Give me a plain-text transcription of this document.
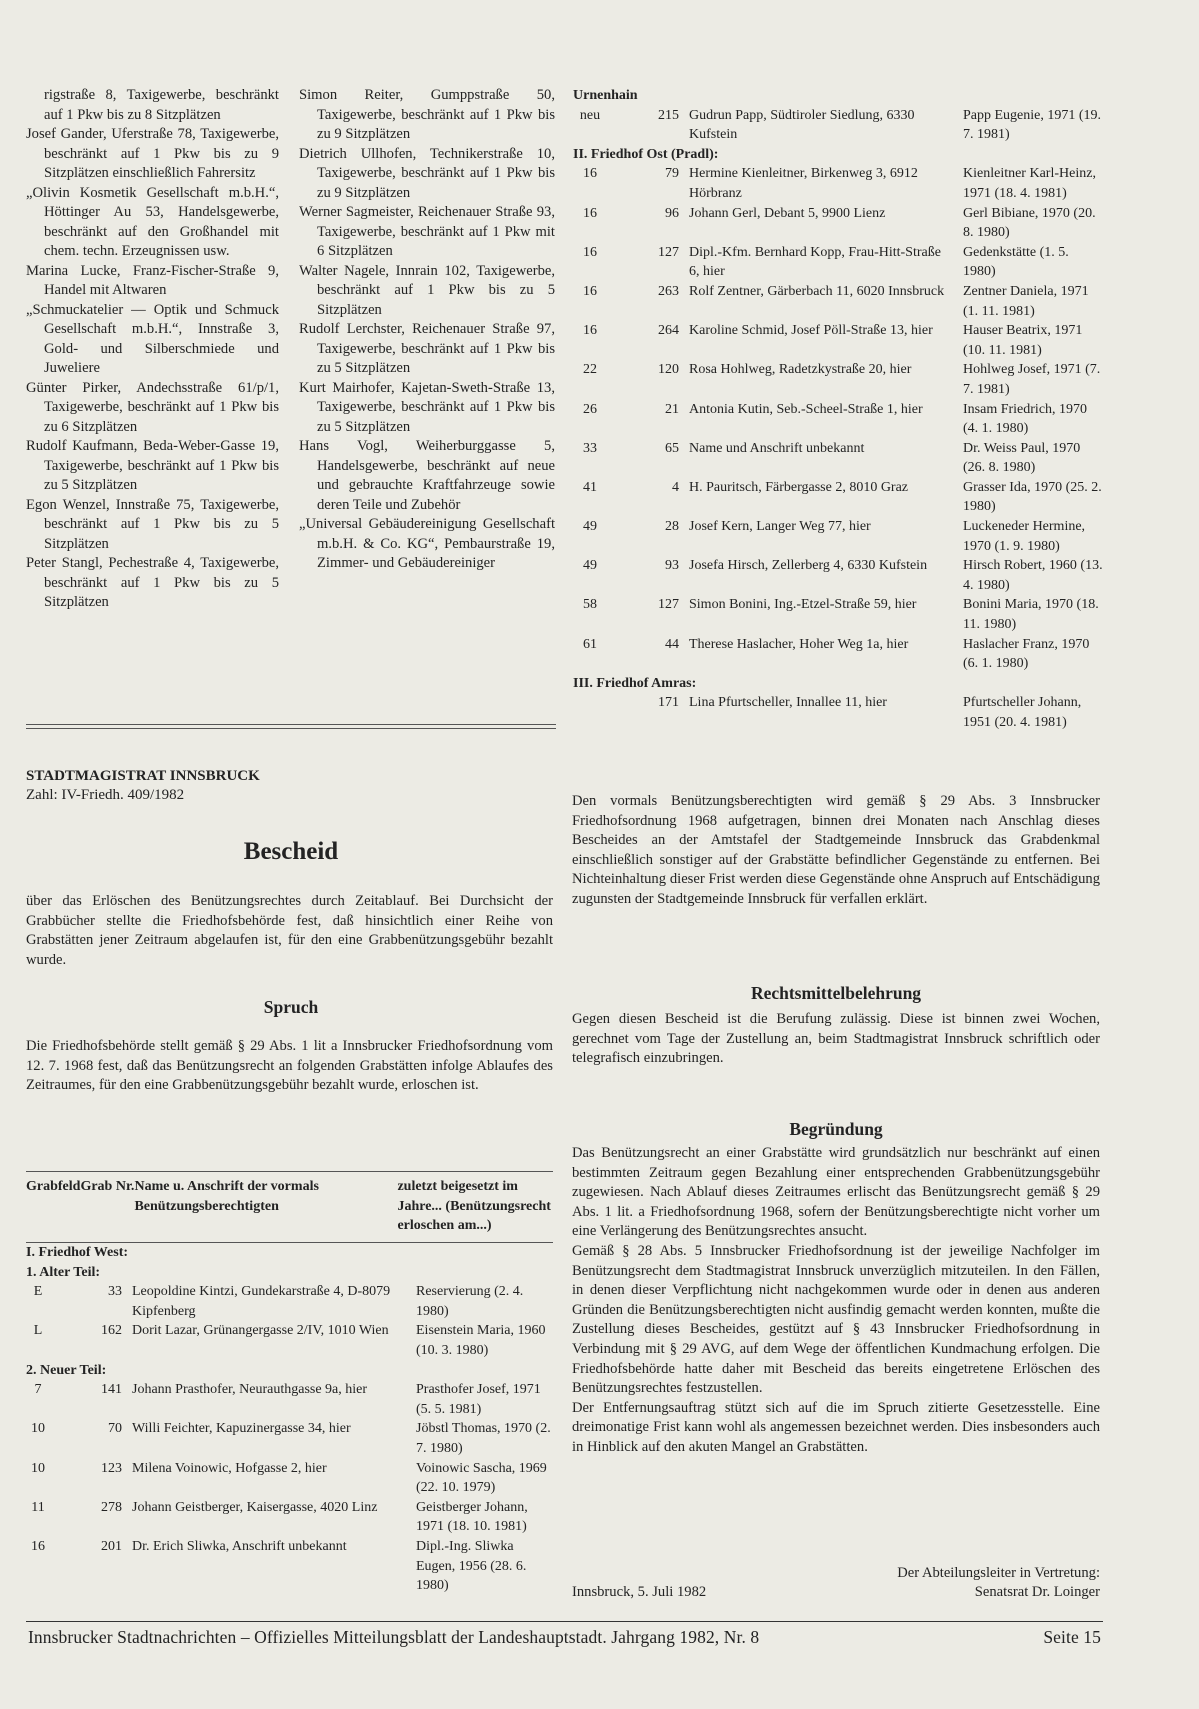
rigstraße 8, Taxigewerbe, beschränkt auf 1 Pkw bis zu 8 Sitzplätzen

Josef Gander, Uferstraße 78, Taxigewerbe, beschränkt auf 1 Pkw bis zu 9 Sitzplätzen einschließlich Fahrersitz

„Olivin Kosmetik Gesellschaft m.b.H.“, Höttinger Au 53, Handelsgewerbe, beschränkt auf den Großhandel mit chem. techn. Erzeugnissen usw.

Marina Lucke, Franz-Fischer-Straße 9, Handel mit Altwaren

„Schmuckatelier — Optik und Schmuck Gesellschaft m.b.H.“, Innstraße 3, Gold- und Silberschmiede und Juweliere

Günter Pirker, Andechsstraße 61/p/1, Taxigewerbe, beschränkt auf 1 Pkw bis zu 6 Sitzplätzen

Rudolf Kaufmann, Beda-Weber-Gasse 19, Taxigewerbe, beschränkt auf 1 Pkw bis zu 5 Sitzplätzen

Egon Wenzel, Innstraße 75, Taxigewerbe, beschränkt auf 1 Pkw bis zu 5 Sitzplätzen

Peter Stangl, Pechestraße 4, Taxigewerbe, beschränkt auf 1 Pkw bis zu 5 Sitzplätzen

Simon Reiter, Gumppstraße 50, Taxigewerbe, beschränkt auf 1 Pkw bis zu 9 Sitzplätzen

Dietrich Ullhofen, Technikerstraße 10, Taxigewerbe, beschränkt auf 1 Pkw bis zu 9 Sitzplätzen

Werner Sagmeister, Reichenauer Straße 93, Taxigewerbe, beschränkt auf 1 Pkw mit 6 Sitzplätzen

Walter Nagele, Innrain 102, Taxigewerbe, beschränkt auf 1 Pkw bis zu 5 Sitzplätzen

Rudolf Lerchster, Reichenauer Straße 97, Taxigewerbe, beschränkt auf 1 Pkw bis zu 5 Sitzplätzen

Kurt Mairhofer, Kajetan-Sweth-Straße 13, Taxigewerbe, beschränkt auf 1 Pkw bis zu 5 Sitzplätzen

Hans Vogl, Weiherburggasse 5, Handelsgewerbe, beschränkt auf neue und gebrauchte Kraftfahrzeuge sowie deren Teile und Zubehör

„Universal Gebäudereinigung Gesellschaft m.b.H. & Co. KG“, Pembaurstraße 19, Zimmer- und Gebäudereiniger

Urnenhain

neu	215	Gudrun Papp, Südtiroler Siedlung, 6330 Kufstein	Papp Eugenie, 1971 (19. 7. 1981)

II. Friedhof Ost (Pradl):

16	79	Hermine Kienleitner, Birkenweg 3, 6912 Hörbranz	Kienleitner Karl-Heinz, 1971 (18. 4. 1981)
16	96	Johann Gerl, Debant 5, 9900 Lienz	Gerl Bibiane, 1970 (20. 8. 1980)
16	127	Dipl.-Kfm. Bernhard Kopp, Frau-Hitt-Straße 6, hier	Gedenkstätte (1. 5. 1980)
16	263	Rolf Zentner, Gärberbach 11, 6020 Innsbruck	Zentner Daniela, 1971 (1. 11. 1981)
16	264	Karoline Schmid, Josef Pöll-Straße 13, hier	Hauser Beatrix, 1971 (10. 11. 1981)
22	120	Rosa Hohlweg, Radetzkystraße 20, hier	Hohlweg Josef, 1971 (7. 7. 1981)
26	21	Antonia Kutin, Seb.-Scheel-Straße 1, hier	Insam Friedrich, 1970 (4. 1. 1980)
33	65	Name und Anschrift unbekannt	Dr. Weiss Paul, 1970 (26. 8. 1980)
41	4	H. Pauritsch, Färbergasse 2, 8010 Graz	Grasser Ida, 1970 (25. 2. 1980)
49	28	Josef Kern, Langer Weg 77, hier	Luckeneder Hermine, 1970 (1. 9. 1980)
49	93	Josefa Hirsch, Zellerberg 4, 6330 Kufstein	Hirsch Robert, 1960 (13. 4. 1980)
58	127	Simon Bonini, Ing.-Etzel-Straße 59, hier	Bonini Maria, 1970 (18. 11. 1980)
61	44	Therese Haslacher, Hoher Weg 1a, hier	Haslacher Franz, 1970 (6. 1. 1980)

III. Friedhof Amras:

	171	Lina Pfurtscheller, Innallee 11, hier	Pfurtscheller Johann, 1951 (20. 4. 1981)
STADTMAGISTRAT INNSBRUCK
Zahl: IV-Friedh. 409/1982
Bescheid

über das Erlöschen des Benützungsrechtes durch Zeitablauf. Bei Durchsicht der Grabbücher stellte die Friedhofsbehörde fest, daß hinsichtlich einer Reihe von Grabstätten jener Zeitraum abgelaufen ist, für den eine Grabbenützungsgebühr bezahlt wurde.

Spruch

Die Friedhofsbehörde stellt gemäß § 29 Abs. 1 lit a Innsbrucker Friedhofsordnung vom 12. 7. 1968 fest, daß das Benützungsrecht an folgenden Grabstätten infolge Ablaufes des Zeitraumes, für den eine Grabbenützungsgebühr bezahlt wurde, erloschen ist.

Grabfeld	Grab Nr.	Name u. Anschrift der vormals Benützungsberechtigten	zuletzt beigesetzt im Jahre... (Benützungsrecht erloschen am...)

I. Friedhof West:

1. Alter Teil:

E	33	Leopoldine Kintzi, Gundekarstraße 4, D-8079 Kipfenberg	Reservierung (2. 4. 1980)
L	162	Dorit Lazar, Grünangergasse 2/IV, 1010 Wien	Eisenstein Maria, 1960 (10. 3. 1980)

2. Neuer Teil:

7	141	Johann Prasthofer, Neurauthgasse 9a, hier	Prasthofer Josef, 1971 (5. 5. 1981)
10	70	Willi Feichter, Kapuzinergasse 34, hier	Jöbstl Thomas, 1970 (2. 7. 1980)
10	123	Milena Voinowic, Hofgasse 2, hier	Voinowic Sascha, 1969 (22. 10. 1979)
11	278	Johann Geistberger, Kaisergasse, 4020 Linz	Geistberger Johann, 1971 (18. 10. 1981)
16	201	Dr. Erich Sliwka, Anschrift unbekannt	Dipl.-Ing. Sliwka Eugen, 1956 (28. 6. 1980)

Den vormals Benützungsberechtigten wird gemäß § 29 Abs. 3 Innsbrucker Friedhofsordnung 1968 aufgetragen, binnen drei Monaten nach Anschlag dieses Bescheides an der Amtstafel der Stadtgemeinde Innsbruck das Grabdenkmal einschließlich sonstiger auf der Grabstätte befindlicher Gegenstände zu entfernen. Bei Nichteinhaltung dieser Frist werden diese Gegenstände ohne Anspruch auf Entschädigung zugunsten der Stadtgemeinde Innsbruck für verfallen erklärt.

Rechtsmittelbelehrung

Gegen diesen Bescheid ist die Berufung zulässig. Diese ist binnen zwei Wochen, gerechnet vom Tage der Zustellung an, beim Stadtmagistrat Innsbruck schriftlich oder telegrafisch einzubringen.

Begründung

Das Benützungsrecht an einer Grabstätte wird grundsätzlich nur beschränkt auf einen bestimmten Zeitraum gegen Bezahlung einer entsprechenden Grabbenützungsgebühr zugewiesen. Nach Ablauf dieses Zeitraumes erlischt das Benützungsrecht gemäß § 29 Abs. 1 lit. a Friedhofsordnung 1968, sofern der Benützungsberechtigte nicht vorher um eine Verlängerung des Benützungsrechtes ansucht.

Gemäß § 28 Abs. 5 Innsbrucker Friedhofsordnung ist der jeweilige Nachfolger im Benützungsrecht dem Stadtmagistrat Innsbruck unverzüglich mitzuteilen. In den Fällen, in denen dieser Verpflichtung nicht nachgekommen wurde oder in denen aus anderen Gründen die Benützungsberechtigten nicht ausfindig gemacht werden konnten, mußte die Zustellung dieses Bescheides, gestützt auf § 43 Innsbrucker Friedhofsordnung in Verbindung mit § 29 AVG, auf dem Wege der öffentlichen Kundmachung erfolgen. Die Friedhofsbehörde hatte daher mit Bescheid das bereits eingetretene Erlöschen des Benützungsrechtes festzustellen.

Der Entfernungsauftrag stützt sich auf die im Spruch zitierte Gesetzesstelle. Eine dreimonatige Frist kann wohl als angemessen bezeichnet werden. Dies insbesonders auch in Hinblick auf den akuten Mangel an Grabstätten.

Der Abteilungsleiter in Vertretung:
Innsbruck, 5. Juli 1982	Senatsrat Dr. Loinger
Innsbrucker Stadtnachrichten – Offizielles Mitteilungsblatt der Landeshauptstadt. Jahrgang 1982, Nr. 8	Seite 15
